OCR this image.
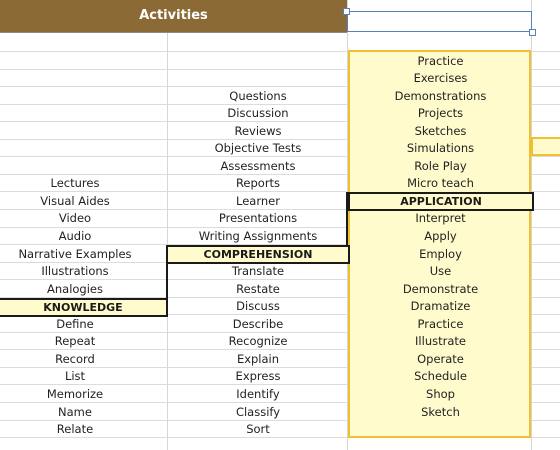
Activities
KNOWLEDGE
COMPREHENSION
APPLICATION
Lectures
Visual Aides
Video
Audio
Narrative Examples
Illustrations
Analogies
Define
Repeat
Record
List
Memorize
Name
Relate
Questions
Discussion
Reviews
Objective Tests
Assessments
Reports
Learner
Presentations
Writing Assignments
Translate
Restate
Discuss
Describe
Recognize
Explain
Express
Identify
Classify
Sort
Practice
Exercises
Demonstrations
Projects
Sketches
Simulations
Role Play
Micro teach
Interpret
Apply
Employ
Use
Demonstrate
Dramatize
Practice
Illustrate
Operate
Schedule
Shop
Sketch
